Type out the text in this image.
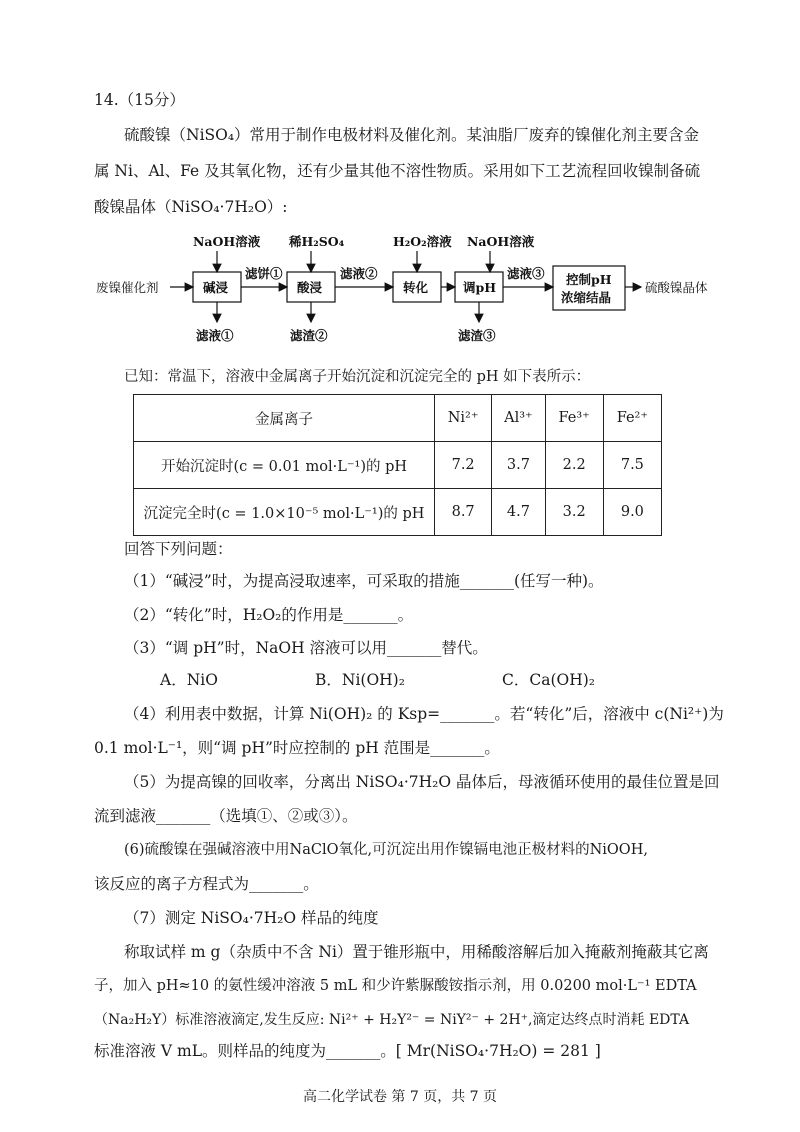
14.（15分）
硫酸镍（NiSO₄）常用于制作电极材料及催化剂。某油脂厂废弃的镍催化剂主要含金
属 Ni、Al、Fe 及其氧化物，还有少量其他不溶性物质。采用如下工艺流程回收镍制备硫
酸镍晶体（NiSO₄·7H₂O）:
废镍催化剂	碱浸
NaOH溶液
滤液①
滤饼①
酸浸
稀H₂SO₄
滤渣②
滤液②
转化
H₂O₂溶液
调pH
NaOH溶液
滤渣③
滤液③ 控制pH
浓缩结晶
硫酸镍晶体
已知：常温下，溶液中金属离子开始沉淀和沉淀完全的 pH 如下表所示：
金属离子	Ni²⁺	Al³⁺	Fe³⁺	Fe²⁺
开始沉淀时(c = 0.01 mol·L⁻¹)的 pH	7.2	3.7	2.2	7.5
沉淀完全时(c = 1.0×10⁻⁵ mol·L⁻¹)的 pH	8.7	4.7	3.2	9.0
回答下列问题：
（1）“碱浸”时，为提高浸取速率，可采取的措施_______(任写一种)。
（2）“转化”时，H₂O₂的作用是_______。
（3）“调 pH”时，NaOH 溶液可以用_______替代。
A．NiO	B．Ni(OH)₂	C．Ca(OH)₂
（4）利用表中数据，计算 Ni(OH)₂ 的 Ksp=_______。若“转化”后，溶液中 c(Ni²⁺)为
0.1 mol·L⁻¹，则“调 pH”时应控制的 pH 范围是_______。
（5）为提高镍的回收率，分离出 NiSO₄·7H₂O 晶体后，母液循环使用的最佳位置是回
流到滤液_______（选填①、②或③）。
(6)硫酸镍在强碱溶液中用NaClO氧化,可沉淀出用作镍镉电池正极材料的NiOOH,
该反应的离子方程式为_______。
（7）测定 NiSO₄·7H₂O 样品的纯度
称取试样 m g（杂质中不含 Ni）置于锥形瓶中，用稀酸溶解后加入掩蔽剂掩蔽其它离
子，加入 pH≈10 的氨性缓冲溶液 5 mL 和少许紫脲酸铵指示剂，用 0.0200 mol·L⁻¹ EDTA
（Na₂H₂Y）标准溶液滴定,发生反应: Ni²⁺ + H₂Y²⁻ = NiY²⁻ + 2H⁺,滴定达终点时消耗 EDTA
标准溶液 V mL。则样品的纯度为_______。[ Mr(NiSO₄·7H₂O) = 281 ]
高二化学试卷 第 7 页，共 7 页
